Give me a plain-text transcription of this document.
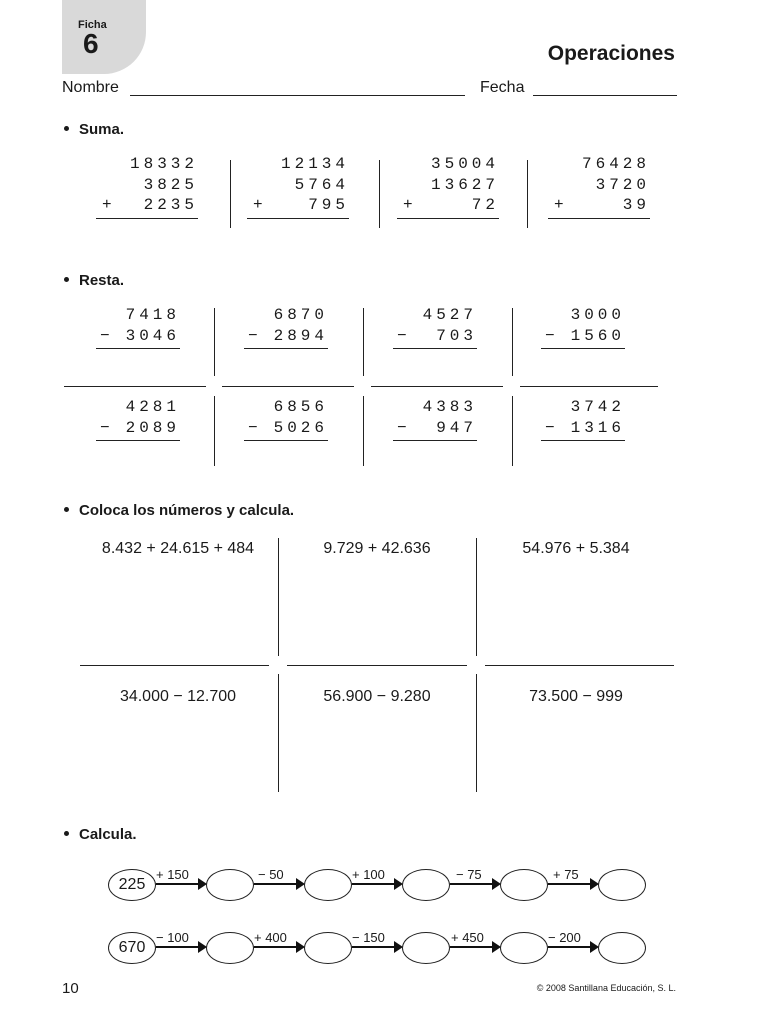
Ficha
6	Operaciones
Nombre	Fecha
Suma.
18332
3825
+ 2235
12134
5764
+	795
35004
13627
+	72
76428
3720
+	39
Resta.
7418
− 3046
6870
− 2894
4527
− 703
3000
− 1560
4281
− 2089
6856
− 5026
4383
− 947
3742
− 1316
Coloca los números y calcula.
8.432 + 24.615 + 484	9.729 + 42.636	54.976 + 5.384
34.000 − 12.700	56.900 − 9.280	73.500 − 999
Calcula.
225
+ 150	− 50	+ 100	− 75	+ 75
670
− 100	+ 400	− 150	+ 450	− 200
10	© 2008 Santillana Educación, S. L.
